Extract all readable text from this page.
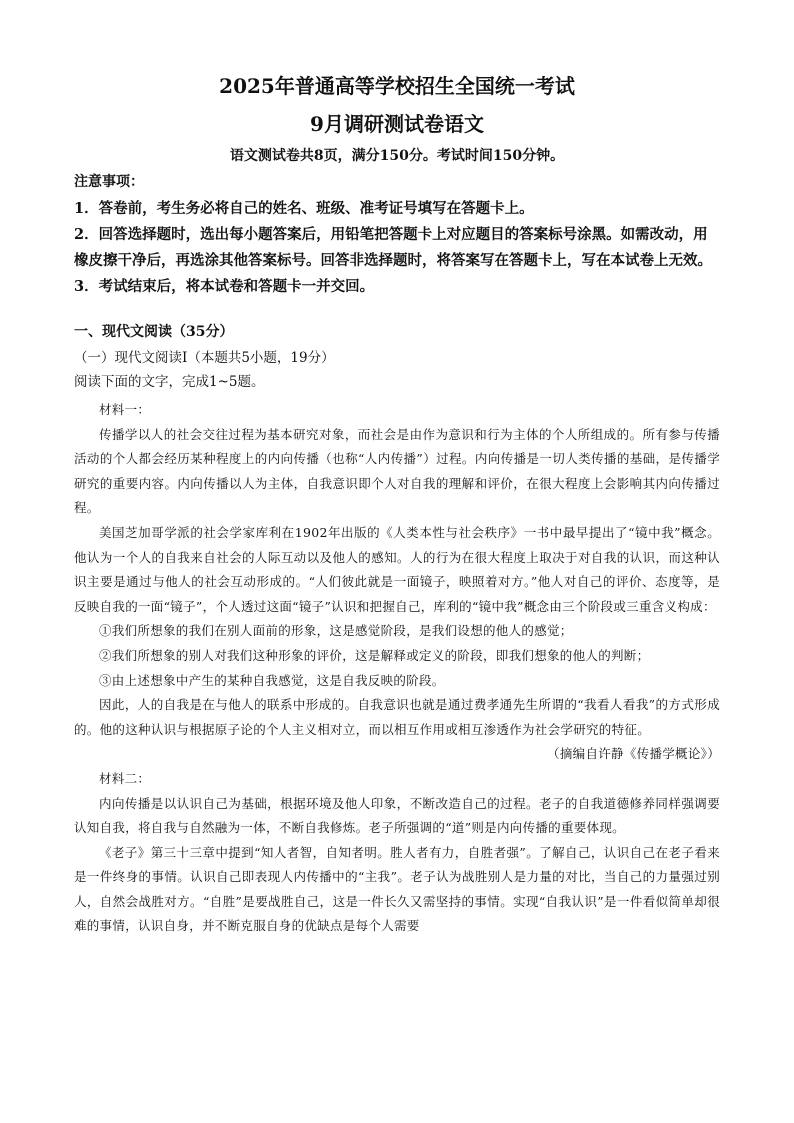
2025年普通高等学校招生全国统一考试
9月调研测试卷语文
语文测试卷共8页，满分150分。考试时间150分钟。
注意事项：

1．答卷前，考生务必将自己的姓名、班级、准考证号填写在答题卡上。

2．回答选择题时，选出每小题答案后，用铅笔把答题卡上对应题目的答案标号涂黑。如需改动，用橡皮擦干净后，再选涂其他答案标号。回答非选择题时，将答案写在答题卡上，写在本试卷上无效。

3．考试结束后，将本试卷和答题卡一并交回。

一、现代文阅读（35分）
（一）现代文阅读Ⅰ（本题共5小题，19分）
阅读下面的文字，完成1~5题。

材料一：

传播学以人的社会交往过程为基本研究对象，而社会是由作为意识和行为主体的个人所组成的。所有参与传播活动的个人都会经历某种程度上的内向传播（也称“人内传播”）过程。内向传播是一切人类传播的基础，是传播学研究的重要内容。内向传播以人为主体，自我意识即个人对自我的理解和评价，在很大程度上会影响其内向传播过程。

美国芝加哥学派的社会学家库利在1902年出版的《人类本性与社会秩序》一书中最早提出了“镜中我”概念。他认为一个人的自我来自社会的人际互动以及他人的感知。人的行为在很大程度上取决于对自我的认识，而这种认识主要是通过与他人的社会互动形成的。“人们彼此就是一面镜子，映照着对方。”他人对自己的评价、态度等，是反映自我的一面“镜子”，个人透过这面“镜子”认识和把握自己，库利的“镜中我”概念由三个阶段或三重含义构成：

①我们所想象的我们在别人面前的形象，这是感觉阶段，是我们设想的他人的感觉；

②我们所想象的别人对我们这种形象的评价，这是解释或定义的阶段，即我们想象的他人的判断；

③由上述想象中产生的某种自我感觉，这是自我反映的阶段。

因此，人的自我是在与他人的联系中形成的。自我意识也就是通过费孝通先生所谓的“我看人看我”的方式形成的。他的这种认识与根据原子论的个人主义相对立，而以相互作用或相互渗透作为社会学研究的特征。

（摘编自许静《传播学概论》）

材料二：

内向传播是以认识自己为基础，根据环境及他人印象，不断改造自己的过程。老子的自我道德修养同样强调要认知自我，将自我与自然融为一体，不断自我修炼。老子所强调的“道”则是内向传播的重要体现。

《老子》第三十三章中提到“知人者智，自知者明。胜人者有力，自胜者强”。了解自己，认识自己在老子看来是一件终身的事情。认识自己即表现人内传播中的“主我”。老子认为战胜别人是力量的对比，当自己的力量强过别人，自然会战胜对方。“自胜”是要战胜自己，这是一件长久又需坚持的事情。实现“自我认识”是一件看似简单却很难的事情，认识自身，并不断克服自身的优缺点是每个人需要
